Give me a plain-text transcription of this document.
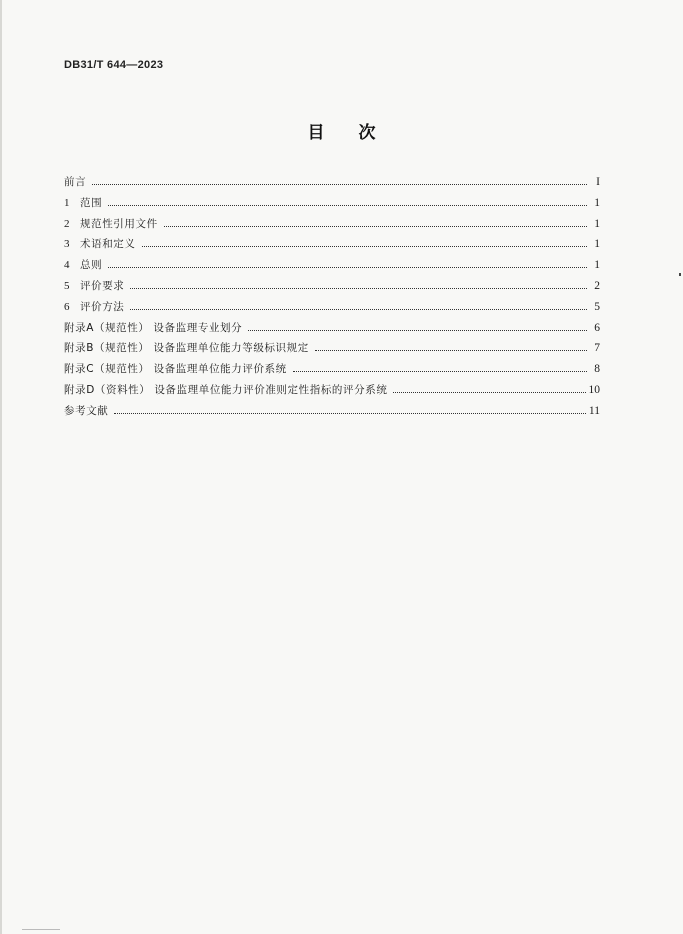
DB31/T 644—2023
目次
前言	I
1	范围	1
2	规范性引用文件	1
3	术语和定义	1
4	总则	1
5	评价要求	2
6	评价方法	5
附录A（规范性） 设备监理专业划分	6
附录B（规范性） 设备监理单位能力等级标识规定	7
附录C（规范性） 设备监理单位能力评价系统	8
附录D（资料性） 设备监理单位能力评价准则定性指标的评分系统	10
参考文献	11
